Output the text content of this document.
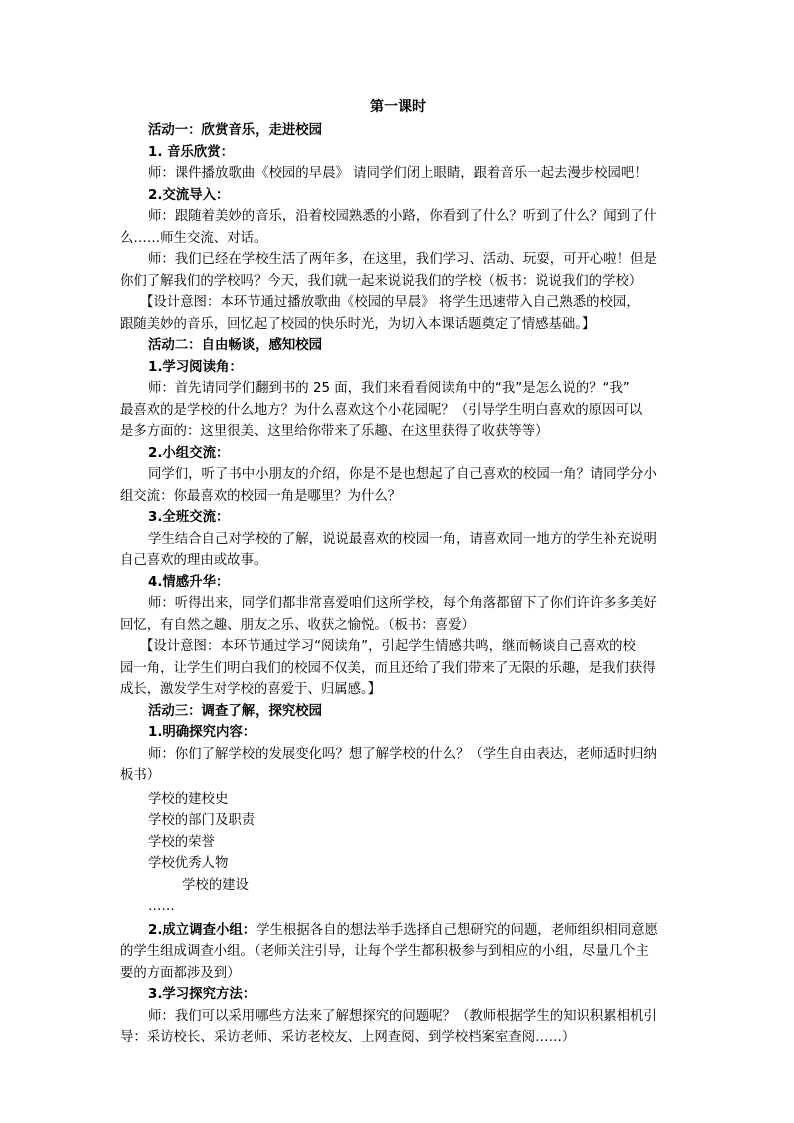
第一课时

活动一：欣赏音乐，走进校园

1. 音乐欣赏：

师：课件播放歌曲《校园的早晨》 请同学们闭上眼睛，跟着音乐一起去漫步校园吧！

2.交流导入：

师：跟随着美妙的音乐，沿着校园熟悉的小路，你看到了什么？听到了什么？闻到了什

么……师生交流、对话。

师：我们已经在学校生活了两年多，在这里，我们学习、活动、玩耍，可开心啦！但是

你们了解我们的学校吗？今天，我们就一起来说说我们的学校（板书：说说我们的学校）

【设计意图：本环节通过播放歌曲《校园的早晨》 将学生迅速带入自己熟悉的校园，

跟随美妙的音乐，回忆起了校园的快乐时光，为切入本课话题奠定了情感基础。】

活动二：自由畅谈，感知校园

1.学习阅读角：

师：首先请同学们翻到书的 25 面，我们来看看阅读角中的“我”是怎么说的？“我”

最喜欢的是学校的什么地方？为什么喜欢这个小花园呢？（引导学生明白喜欢的原因可以

是多方面的：这里很美、这里给你带来了乐趣、在这里获得了收获等等）

2.小组交流：

同学们，听了书中小朋友的介绍，你是不是也想起了自己喜欢的校园一角？请同学分小

组交流：你最喜欢的校园一角是哪里？为什么？

3.全班交流：

学生结合自己对学校的了解，说说最喜欢的校园一角，请喜欢同一地方的学生补充说明

自己喜欢的理由或故事。

4.情感升华：

师：听得出来，同学们都非常喜爱咱们这所学校，每个角落都留下了你们许许多多美好

回忆，有自然之趣、朋友之乐、收获之愉悦。（板书：喜爱）

【设计意图：本环节通过学习“阅读角”，引起学生情感共鸣，继而畅谈自己喜欢的校

园一角，让学生们明白我们的校园不仅美，而且还给了我们带来了无限的乐趣，是我们获得

成长，激发学生对学校的喜爱于、归属感。】

活动三：调查了解，探究校园

1.明确探究内容：

师：你们了解学校的发展变化吗？想了解学校的什么？（学生自由表达，老师适时归纳

板书）

学校的建校史
学校的部门及职责
学校的荣誉
学校优秀人物
学校的建设
……

2.成立调查小组：学生根据各自的想法举手选择自己想研究的问题，老师组织相同意愿

的学生组成调查小组。（老师关注引导，让每个学生都积极参与到相应的小组，尽量几个主

要的方面都涉及到）

3.学习探究方法：

师：我们可以采用哪些方法来了解想探究的问题呢？（教师根据学生的知识积累相机引

导：采访校长、采访老师、采访老校友、上网查阅、到学校档案室查阅……）
